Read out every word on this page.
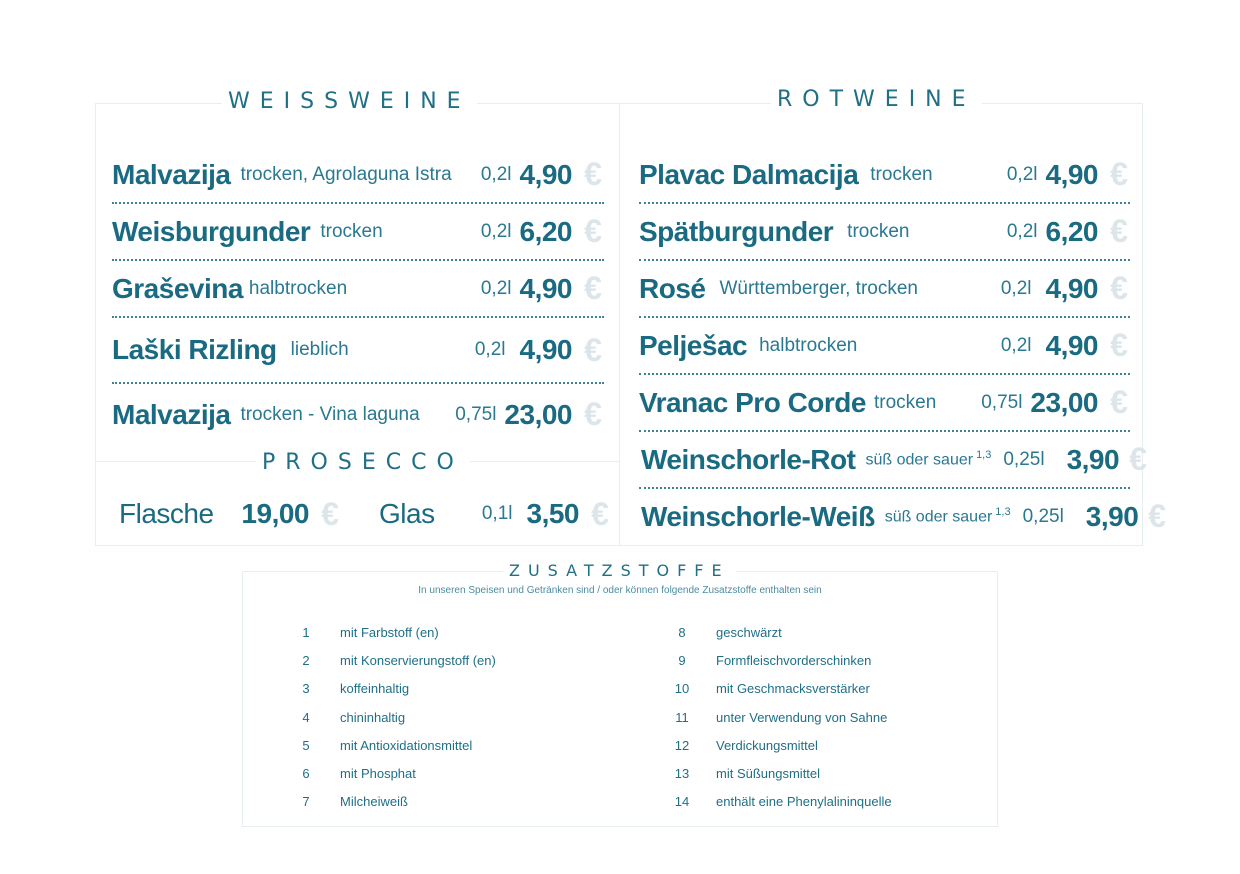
WEISSWEINE	ROTWEINE
PROSECCO
ZUSATZSTOFFE
In unseren Speisen und Getränken sind / oder können folgende Zusatzstoffe enthalten sein
Malvazija trocken, Agrolaguna Istra 0,2l 4,90 €
Weisburgunder trocken	0,2l 6,20 €
Graševina halbtrocken	0,2l 4,90 €
Laški Rizling lieblich	0,2l 4,90 €
Malvazija trocken - Vina laguna 0,75l 23,00 €
Plavac Dalmacija trocken	0,2l 4,90 €
Spätburgunder trocken	0,2l 6,20 €
Rosé Württemberger, trocken	0,2l 4,90 €
Pelješac halbtrocken	0,2l 4,90 €
Vranac Pro Corde trocken 0,75l 23,00 €
Weinschorle-Rot süß oder sauer $^{1,3}$ 0,25l 3,90 €
Weinschorle-Weiß süß oder sauer $^{1,3}$ 0,25l 3,90 €
Flasche 19,00 € Glas 0,1l 3,50 €
1	mit Farbstoff (en)
2	mit Konservierungstoff (en)
3	koffeinhaltig
4	chininhaltig
5	mit Antioxidationsmittel
6	mit Phosphat
7	Milcheiweiß
8	geschwärzt
9	Formfleischvorderschinken
10	mit Geschmacksverstärker
11	unter Verwendung von Sahne
12	Verdickungsmittel
13	mit Süßungsmittel
14	enthält eine Phenylalininquelle
